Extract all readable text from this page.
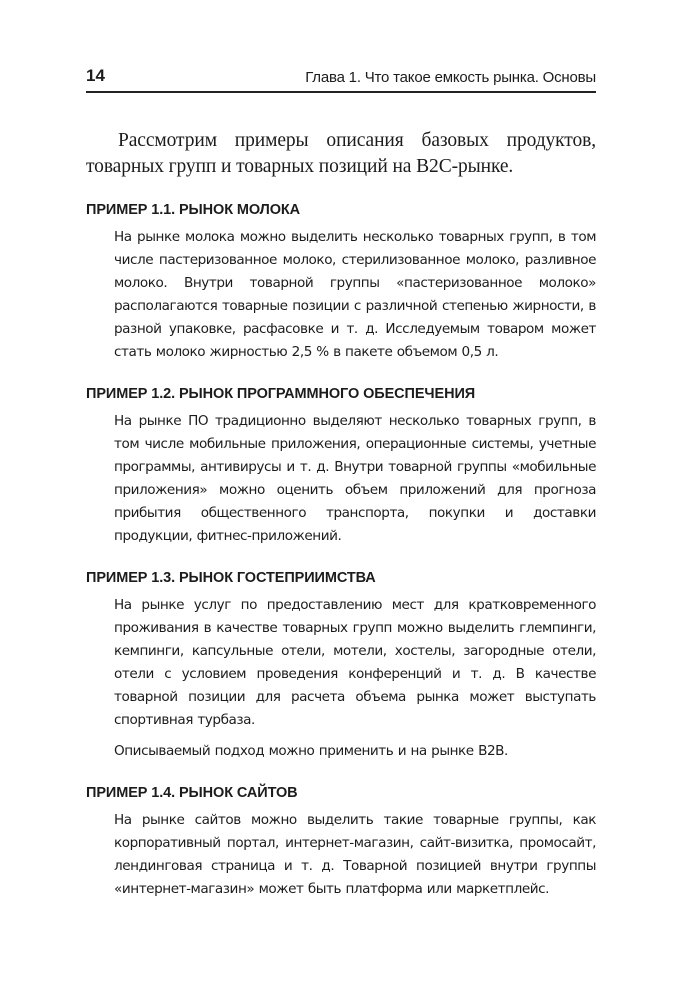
14	Глава 1. Что такое емкость рынка. Основы

Рассмотрим примеры описания базовых продуктов, товарных групп и товарных позиций на B2C-рынке.

ПРИМЕР 1.1. РЫНОК МОЛОКА

На рынке молока можно выделить несколько товарных групп, в том числе пастеризованное молоко, стерилизованное молоко, разливное молоко. Внутри товарной группы «пастеризованное молоко» располагаются товарные позиции с различной степенью жирности, в разной упаковке, расфасовке и т. д. Исследуемым товаром может стать молоко жирностью 2,5 % в пакете объемом 0,5 л.

ПРИМЕР 1.2. РЫНОК ПРОГРАММНОГО ОБЕСПЕЧЕНИЯ

На рынке ПО традиционно выделяют несколько товарных групп, в том числе мобильные приложения, операционные системы, учетные программы, антивирусы и т. д. Внутри товарной группы «мобильные приложения» можно оценить объем приложений для прогноза прибытия общественного транспорта, покупки и доставки продукции, фитнес-приложений.

ПРИМЕР 1.3. РЫНОК ГОСТЕПРИИМСТВА

На рынке услуг по предоставлению мест для кратковременного проживания в качестве товарных групп можно выделить глемпинги, кемпинги, капсульные отели, мотели, хостелы, загородные отели, отели с условием проведения конференций и т. д. В качестве товарной позиции для расчета объема рынка может выступать спортивная турбаза.

Описываемый подход можно применить и на рынке B2B.

ПРИМЕР 1.4. РЫНОК САЙТОВ

На рынке сайтов можно выделить такие товарные группы, как корпоративный портал, интернет-магазин, сайт-визитка, промосайт, лендинговая страница и т. д. Товарной позицией внутри группы «интернет-магазин» может быть платформа или маркетплейс.
